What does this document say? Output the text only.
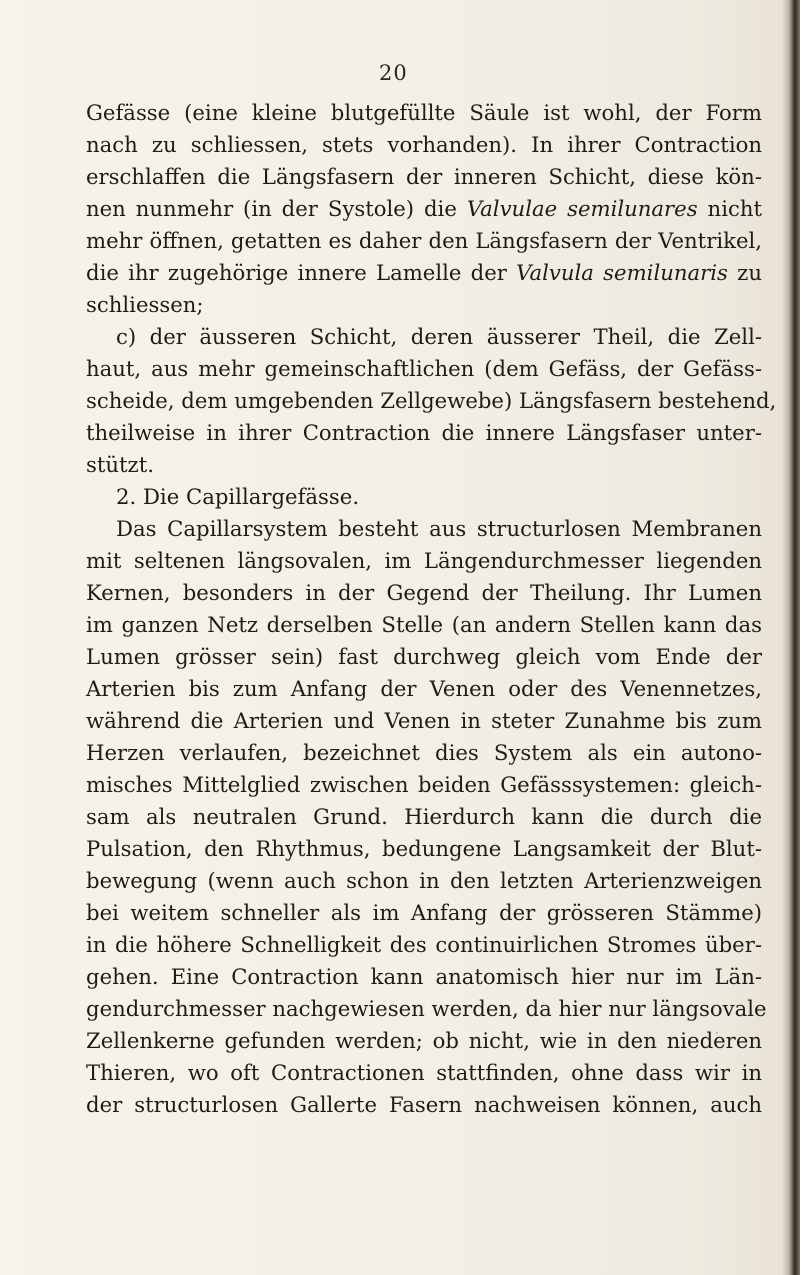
20
Gefässe (eine kleine blutgefüllte Säule ist wohl, der Form
nach zu schliessen, stets vorhanden). In ihrer Contraction
erschlaffen die Längsfasern der inneren Schicht, diese kön-
nen nunmehr (in der Systole) die Valvulae semilunares nicht
mehr öffnen, getatten es daher den Längsfasern der Ventrikel,
die ihr zugehörige innere Lamelle der Valvula semilunaris zu
schliessen;
c) der äusseren Schicht, deren äusserer Theil, die Zell-
haut, aus mehr gemeinschaftlichen (dem Gefäss, der Gefäss-
scheide, dem umgebenden Zellgewebe) Längsfasern bestehend,
theilweise in ihrer Contraction die innere Längsfaser unter-
stützt.
2. Die Capillargefässe.
Das Capillarsystem besteht aus structurlosen Membranen
mit seltenen längsovalen, im Längendurchmesser liegenden
Kernen, besonders in der Gegend der Theilung. Ihr Lumen
im ganzen Netz derselben Stelle (an andern Stellen kann das
Lumen grösser sein) fast durchweg gleich vom Ende der
Arterien bis zum Anfang der Venen oder des Venennetzes,
während die Arterien und Venen in steter Zunahme bis zum
Herzen verlaufen, bezeichnet dies System als ein autono-
misches Mittelglied zwischen beiden Gefässsystemen: gleich-
sam als neutralen Grund. Hierdurch kann die durch die
Pulsation, den Rhythmus, bedungene Langsamkeit der Blut-
bewegung (wenn auch schon in den letzten Arterienzweigen
bei weitem schneller als im Anfang der grösseren Stämme)
in die höhere Schnelligkeit des continuirlichen Stromes über-
gehen. Eine Contraction kann anatomisch hier nur im Län-
gendurchmesser nachgewiesen werden, da hier nur längsovale
Zellenkerne gefunden werden; ob nicht, wie in den niederen
Thieren, wo oft Contractionen stattfinden, ohne dass wir in
der structurlosen Gallerte Fasern nachweisen können, auch
